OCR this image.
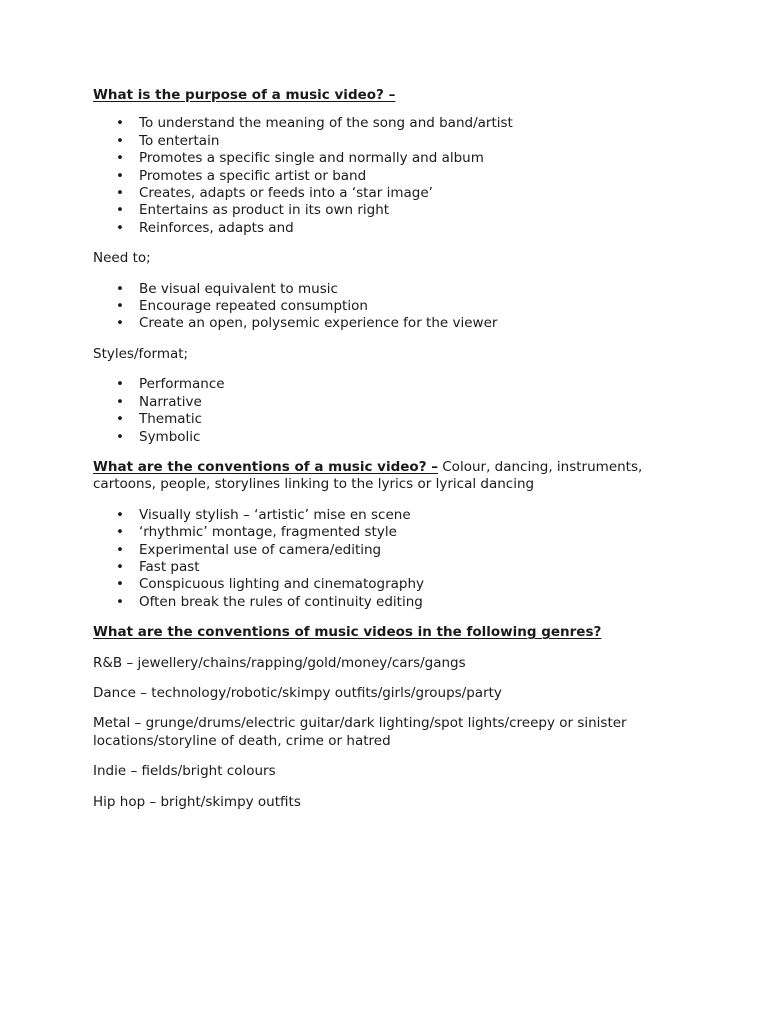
What is the purpose of a music video? –

• To understand the meaning of the song and band/artist
• To entertain
• Promotes a specific single and normally and album
• Promotes a specific artist or band
• Creates, adapts or feeds into a ‘star image’
• Entertains as product in its own right
• Reinforces, adapts and

Need to;

• Be visual equivalent to music
• Encourage repeated consumption
• Create an open, polysemic experience for the viewer

Styles/format;

• Performance
• Narrative
• Thematic
• Symbolic

What are the conventions of a music video? – Colour, dancing, instruments, cartoons, people, storylines linking to the lyrics or lyrical dancing

• Visually stylish – ‘artistic’ mise en scene
• ‘rhythmic’ montage, fragmented style
• Experimental use of camera/editing
• Fast past
• Conspicuous lighting and cinematography
• Often break the rules of continuity editing

What are the conventions of music videos in the following genres?

R&B – jewellery/chains/rapping/gold/money/cars/gangs

Dance – technology/robotic/skimpy outfits/girls/groups/party

Metal – grunge/drums/electric guitar/dark lighting/spot lights/creepy or sinister locations/storyline of death, crime or hatred

Indie – fields/bright colours

Hip hop – bright/skimpy outfits
